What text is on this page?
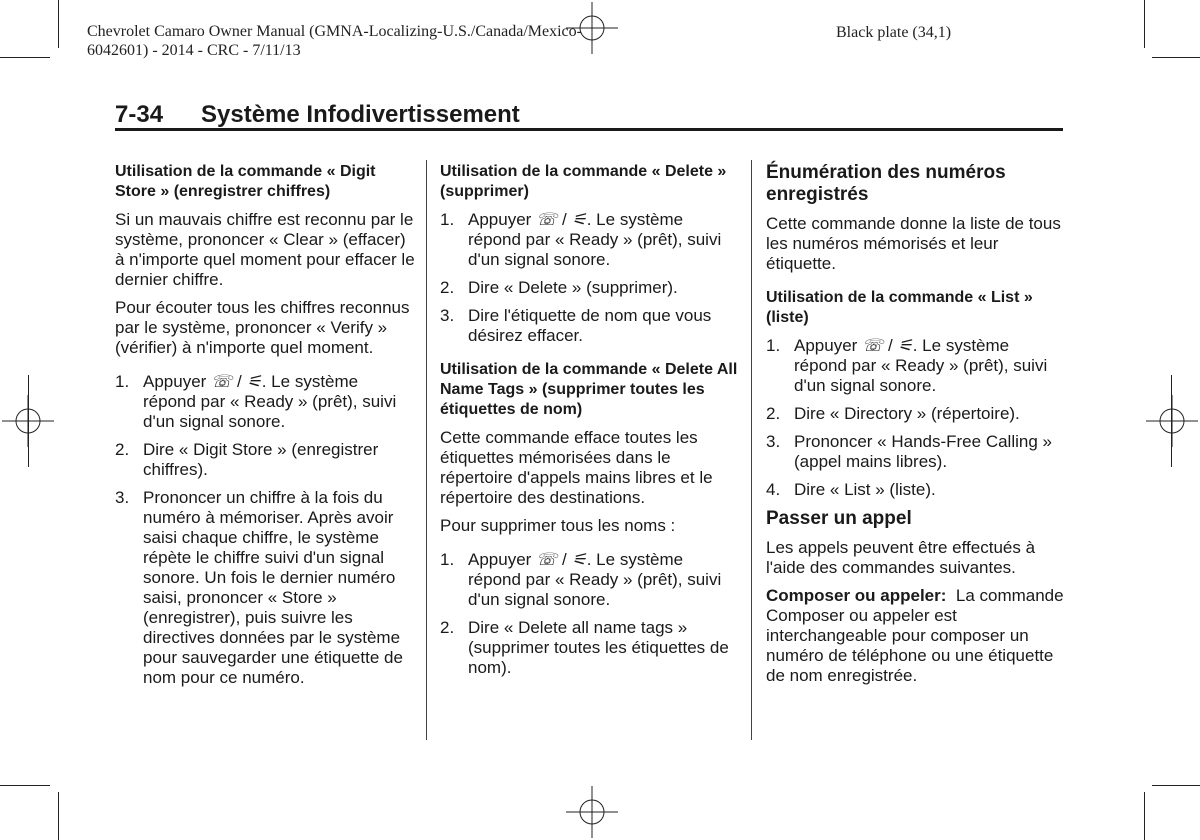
Chevrolet Camaro Owner Manual (GMNA-Localizing-U.S./Canada/Mexico-
6042601) - 2014 - CRC - 7/11/13
Black plate (34,1)
7-34 Système Infodivertissement
Utilisation de la commande « Digit Store » (enregistrer chiffres)

Si un mauvais chiffre est reconnu par le système, prononcer « Clear » (effacer) à n'importe quel moment pour effacer le dernier chiffre.

Pour écouter tous les chiffres reconnus par le système, prononcer « Verify » (vérifier) à n'importe quel moment.

1. Appuyer ☏ / ⚟. Le système répond par « Ready » (prêt), suivi d'un signal sonore.
2. Dire « Digit Store » (enregistrer chiffres).
3. Prononcer un chiffre à la fois du numéro à mémoriser. Après avoir saisi chaque chiffre, le système répète le chiffre suivi d'un signal sonore. Un fois le dernier numéro saisi, prononcer « Store » (enregistrer), puis suivre les directives données par le système pour sauvegarder une étiquette de nom pour ce numéro.
Utilisation de la commande « Delete » (supprimer)
1. Appuyer ☏ / ⚟. Le système répond par « Ready » (prêt), suivi d'un signal sonore.
2. Dire « Delete » (supprimer).
3. Dire l'étiquette de nom que vous désirez effacer.
Utilisation de la commande « Delete All Name Tags » (supprimer toutes les étiquettes de nom)

Cette commande efface toutes les étiquettes mémorisées dans le répertoire d'appels mains libres et le répertoire des destinations.

Pour supprimer tous les noms :

1. Appuyer ☏ / ⚟. Le système répond par « Ready » (prêt), suivi d'un signal sonore.
2. Dire « Delete all name tags » (supprimer toutes les étiquettes de nom).
Énumération des numéros enregistrés

Cette commande donne la liste de tous les numéros mémorisés et leur étiquette.

Utilisation de la commande « List » (liste)
1. Appuyer ☏ / ⚟. Le système répond par « Ready » (prêt), suivi d'un signal sonore.
2. Dire « Directory » (répertoire).
3. Prononcer « Hands-Free Calling » (appel mains libres).
4. Dire « List » (liste).
Passer un appel

Les appels peuvent être effectués à l'aide des commandes suivantes.

Composer ou appeler:  La commande Composer ou appeler est interchangeable pour composer un numéro de téléphone ou une étiquette de nom enregistrée.
